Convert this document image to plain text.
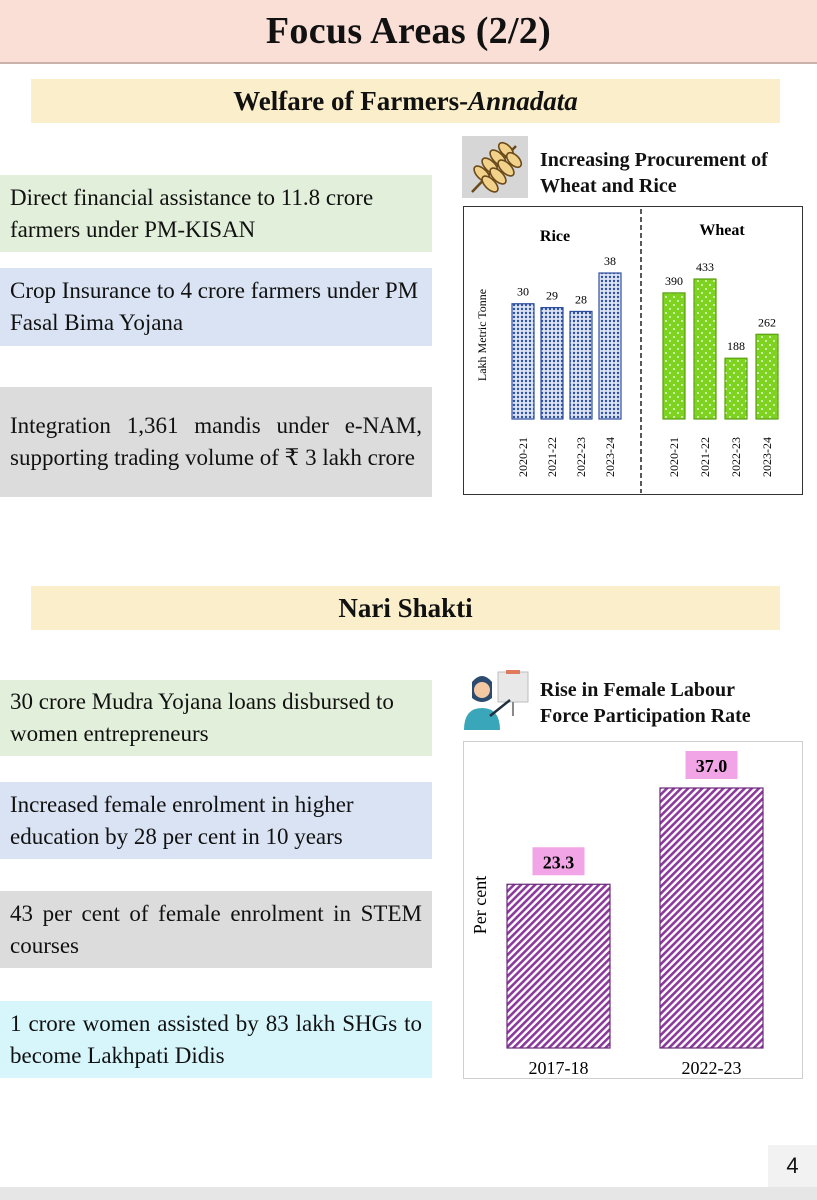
Focus Areas (2/2)
Welfare of Farmers- Annadata
Direct financial assistance to 11.8 crore farmers under PM-KISAN
Crop Insurance to 4 crore farmers under PM Fasal Bima Yojana
Integration 1,361 mandis under e-NAM, supporting trading volume of ₹ 3 lakh crore
Increasing Procurement of
Wheat and Rice
Rice	Wheat
Lakh Metric Tonne 30
2020-21
29
2021-22
28
2022-23
38
2023-24
390
2020-21
433
2021-22
188
2022-23
262
2023-24
Nari Shakti
30 crore Mudra Yojana loans disbursed to women entrepreneurs
Increased female enrolment in higher education by 28 per cent in 10 years
43 per cent of female enrolment in STEM courses
1 crore women assisted by 83 lakh SHGs to become Lakhpati Didis
Rise in Female Labour
Force Participation Rate
Per cent
23.3
2017-18
37.0
2022-23
4
